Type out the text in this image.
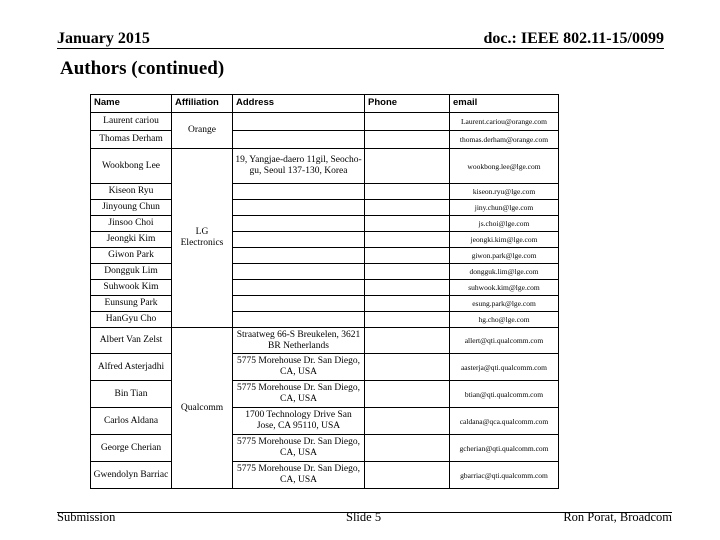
January 2015	doc.: IEEE 802.11-15/0099
Authors (continued)
Name	Affiliation	Address	Phone	email
Laurent cariou	Orange			Laurent.cariou@orange.com
Thomas Derham				thomas.derham@orange.com
Wookbong Lee	LG Electronics	19, Yangjae-daero 11gil, Seocho-gu, Seoul 137-130, Korea		wookbong.lee@lge.com
Kiseon Ryu				kiseon.ryu@lge.com
Jinyoung Chun				jiny.chun@lge.com
Jinsoo Choi				js.choi@lge.com
Jeongki Kim				jeongki.kim@lge.com
Giwon Park				giwon.park@lge.com
Dongguk Lim				dongguk.lim@lge.com
Suhwook Kim				suhwook.kim@lge.com
Eunsung Park				esung.park@lge.com
HanGyu Cho				hg.cho@lge.com
Albert Van Zelst	Qualcomm	Straatweg 66-S Breukelen, 3621 BR Netherlands		allert@qti.qualcomm.com
Alfred Asterjadhi		5775 Morehouse Dr. San Diego, CA, USA		aasterja@qti.qualcomm.com
Bin Tian		5775 Morehouse Dr. San Diego, CA, USA		btian@qti.qualcomm.com
Carlos Aldana		1700 Technology Drive San Jose, CA 95110, USA		caldana@qca.qualcomm.com
George Cherian		5775 Morehouse Dr. San Diego, CA, USA		gcherian@qti.qualcomm.com
Gwendolyn Barriac		5775 Morehouse Dr. San Diego, CA, USA		gbarriac@qti.qualcomm.com
Submission	Slide 5	Ron Porat, Broadcom
